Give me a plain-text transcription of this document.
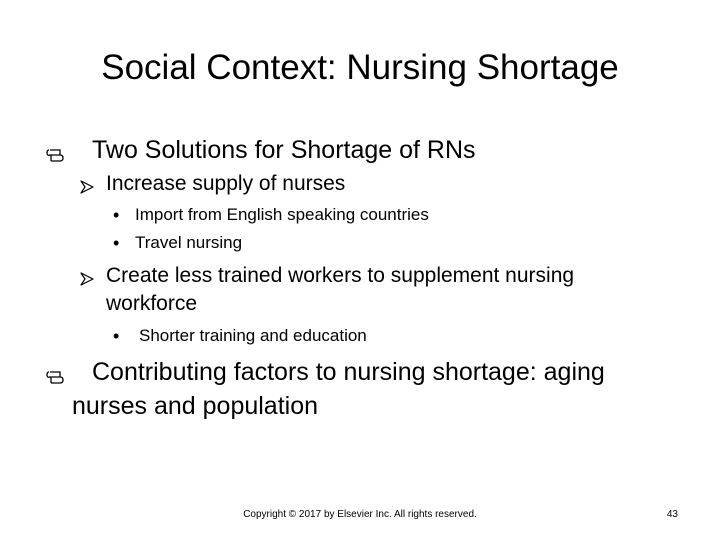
Social Context: Nursing Shortage
Two Solutions for Shortage of RNs
Increase supply of nurses
• Import from English speaking countries
• Travel nursing
Create less trained workers to supplement nursing
workforce
• Shorter training and education
Contributing factors to nursing shortage: aging
nurses and population
Copyright © 2017 by Elsevier Inc. All rights reserved.	43
